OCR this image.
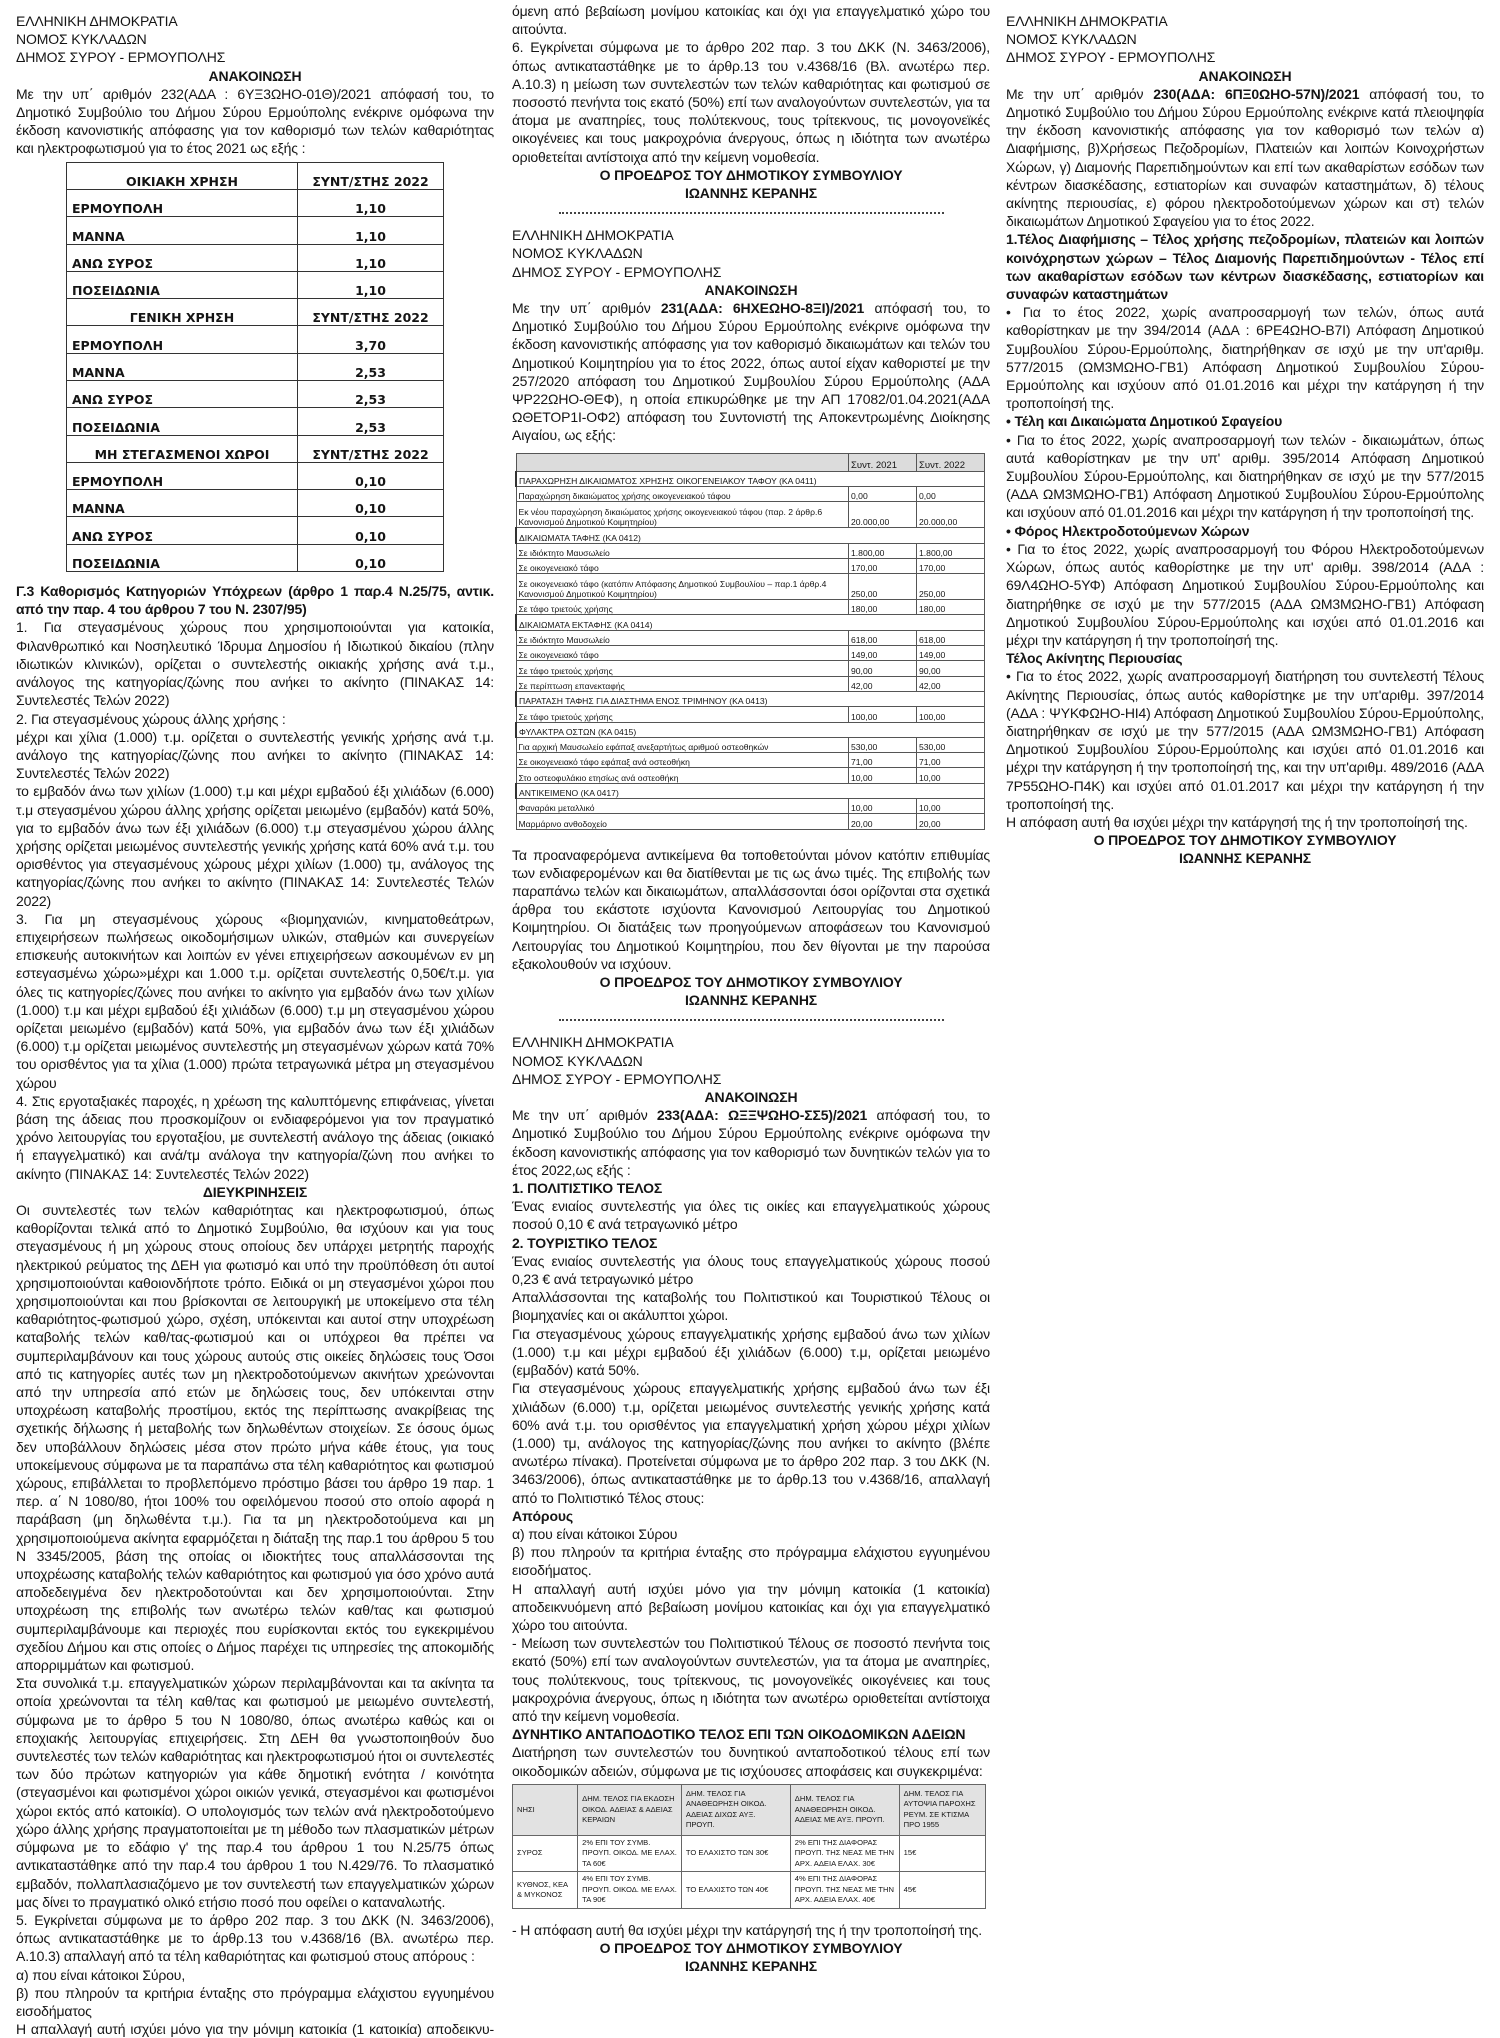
ΕΛΛΗΝΙΚΗ ΔΗΜΟΚΡΑΤΙΑ
ΝΟΜΟΣ ΚΥΚΛΑΔΩΝ
ΔΗΜΟΣ ΣΥΡΟΥ - ΕΡΜΟΥΠΟΛΗΣ
ΑΝΑΚΟΙΝΩΣΗ

Με την υπ΄ αριθμόν 232(ΑΔΑ : 6ΥΞ3ΩΗΟ-01Θ)/2021 απόφασή του, το Δημοτικό Συμβούλιο του Δήμου Σύρου Ερμούπολης ενέκρινε ομόφωνα την έκδοση κανονιστικής απόφασης για τον καθορισμό των τελών καθαριότητας και ηλεκτροφωτισμού για το έτος 2021 ως εξής :

ΟΙΚΙΑΚΗ ΧΡΗΣΗ	ΣΥΝΤ/ΣΤΗΣ 2022
ΕΡΜΟΥΠΟΛΗ	1,10
ΜΑΝΝΑ	1,10
ΑΝΩ ΣΥΡΟΣ	1,10
ΠΟΣΕΙΔΩΝΙΑ	1,10
ΓΕΝΙΚΗ ΧΡΗΣΗ	ΣΥΝΤ/ΣΤΗΣ 2022
ΕΡΜΟΥΠΟΛΗ	3,70
ΜΑΝΝΑ	2,53
ΑΝΩ ΣΥΡΟΣ	2,53
ΠΟΣΕΙΔΩΝΙΑ	2,53
ΜΗ ΣΤΕΓΑΣΜΕΝΟΙ ΧΩΡΟΙ	ΣΥΝΤ/ΣΤΗΣ 2022
ΕΡΜΟΥΠΟΛΗ	0,10
ΜΑΝΝΑ	0,10
ΑΝΩ ΣΥΡΟΣ	0,10
ΠΟΣΕΙΔΩΝΙΑ	0,10

Γ.3 Καθορισμός Κατηγοριών Υπόχρεων (άρθρο 1 παρ.4 Ν.25/75, αντικ. από την παρ. 4 του άρθρου 7 του Ν. 2307/95)

1. Για στεγασμένους χώρους που χρησιμοποιούνται για κατοικία, Φιλανθρωπικό και Νοσηλευτικό Ίδρυμα Δημοσίου ή Ιδιωτικού δικαίου (πλην ιδιωτικών κλινικών), ορίζεται ο συντελεστής οικιακής χρήσης ανά τ.μ., ανάλογος της κατηγορίας/ζώνης που ανήκει το ακίνητο (ΠΙΝΑΚΑΣ 14: Συντελεστές Τελών 2022)

2. Για στεγασμένους χώρους άλλης χρήσης :

μέχρι και χίλια (1.000) τ.μ. ορίζεται ο συντελεστής γενικής χρήσης ανά τ.μ. ανάλογο της κατηγορίας/ζώνης που ανήκει το ακίνητο (ΠΙΝΑΚΑΣ 14: Συντελεστές Τελών 2022)

το εμβαδόν άνω των χιλίων (1.000) τ.μ και μέχρι εμβαδού έξι χιλιάδων (6.000) τ.μ στεγασμένου χώρου άλλης χρήσης ορίζεται μειωμένο (εμβαδόν) κατά 50%, για το εμβαδόν άνω των έξι χιλιάδων (6.000) τ.μ στεγασμένου χώρου άλλης χρήσης ορίζεται μειωμένος συντελεστής γενικής χρήσης κατά 60% ανά τ.μ. του ορισθέντος για στεγασμένους χώρους μέχρι χιλίων (1.000) τμ, ανάλογος της κατηγορίας/ζώνης που ανήκει το ακίνητο (ΠΙΝΑΚΑΣ 14: Συντελεστές Τελών 2022)

3. Για μη στεγασμένους χώρους «βιομηχανιών, κινηματοθεάτρων, επιχειρήσεων πωλήσεως οικοδομήσιμων υλικών, σταθμών και συνεργείων επισκευής αυτοκινήτων και λοιπών εν γένει επιχειρήσεων ασκουμένων εν μη εστεγασμένω χώρω»μέχρι και 1.000 τ.μ. ορίζεται συντελεστής 0,50€/τ.μ. για όλες τις κατηγορίες/ζώνες που ανήκει το ακίνητο για εμβαδόν άνω των χιλίων (1.000) τ.μ και μέχρι εμβαδού έξι χιλιάδων (6.000) τ.μ μη στεγασμένου χώρου ορίζεται μειωμένο (εμβαδόν) κατά 50%, για εμβαδόν άνω των έξι χιλιάδων (6.000) τ.μ ορίζεται μειωμένος συντελεστής μη στεγασμένων χώρων κατά 70% του ορισθέντος για τα χίλια (1.000) πρώτα τετραγωνικά μέτρα μη στεγασμένου χώρου

4. Στις εργοταξιακές παροχές, η χρέωση της καλυπτόμενης επιφάνειας, γίνεται βάση της άδειας που προσκομίζουν οι ενδιαφερόμενοι για τον πραγματικό χρόνο λειτουργίας του εργοταξίου, με συντελεστή ανάλογο της άδειας (οικιακό ή επαγγελματικό) και ανά/τμ ανάλογα την κατηγορία/ζώνη που ανήκει το ακίνητο (ΠΙΝΑΚΑΣ 14: Συντελεστές Τελών 2022)

ΔΙΕΥΚΡΙΝΗΣΕΙΣ

Οι συντελεστές των τελών καθαριότητας και ηλεκτροφωτισμού, όπως καθορίζονται τελικά από το Δημοτικό Συμβούλιο, θα ισχύουν και για τους στεγασμένους ή μη χώρους στους οποίους δεν υπάρχει μετρητής παροχής ηλεκτρικού ρεύματος της ΔΕΗ για φωτισμό και υπό την προϋπόθεση ότι αυτοί χρησιμοποιούνται καθοιονδήποτε τρόπο. Ειδικά οι μη στεγασμένοι χώροι που χρησιμοποιούνται και που βρίσκονται σε λειτουργική με υποκείμενο στα τέλη καθαριότητος-φωτισμού χώρο, σχέση, υπόκεινται και αυτοί στην υποχρέωση καταβολής τελών καθ/τας-φωτισμού και οι υπόχρεοι θα πρέπει να συμπεριλαμβάνουν και τους χώρους αυτούς στις οικείες δηλώσεις τους Όσοι από τις κατηγορίες αυτές των μη ηλεκτροδοτούμενων ακινήτων χρεώνονται από την υπηρεσία από ετών με δηλώσεις τους, δεν υπόκεινται στην υποχρέωση καταβολής προστίμου, εκτός της περίπτωσης ανακρίβειας της σχετικής δήλωσης ή μεταβολής των δηλωθέντων στοιχείων. Σε όσους όμως δεν υποβάλλουν δηλώσεις μέσα στον πρώτο μήνα κάθε έτους, για τους υποκείμενους σύμφωνα με τα παραπάνω στα τέλη καθαριότητος και φωτισμού χώρους, επιβάλλεται το προβλεπόμενο πρόστιμο βάσει του άρθρο 19 παρ. 1 περ. α΄ Ν 1080/80, ήτοι 100% του οφειλόμενου ποσού στο οποίο αφορά η παράβαση (μη δηλωθέντα τ.μ.). Για τα μη ηλεκτροδοτούμενα και μη χρησιμοποιούμενα ακίνητα εφαρμόζεται η διάταξη της παρ.1 του άρθρου 5 του Ν 3345/2005, βάση της οποίας οι ιδιοκτήτες τους απαλλάσσονται της υποχρέωσης καταβολής τελών καθαριότητος και φωτισμού για όσο χρόνο αυτά αποδεδειγμένα δεν ηλεκτροδοτούνται και δεν χρησιμοποιούνται. Στην υποχρέωση της επιβολής των ανωτέρω τελών καθ/τας και φωτισμού συμπεριλαμβάνουμε και περιοχές που ευρίσκονται εκτός του εγκεκριμένου σχεδίου Δήμου και στις οποίες ο Δήμος παρέχει τις υπηρεσίες της αποκομιδής απορριμμάτων και φωτισμού.

Στα συνολικά τ.μ. επαγγελματικών χώρων περιλαμβάνονται και τα ακίνητα τα οποία χρεώνονται τα τέλη καθ/τας και φωτισμού με μειωμένο συντελεστή, σύμφωνα με το άρθρο 5 του Ν 1080/80, όπως ανωτέρω καθώς και οι εποχιακής λειτουργίας επιχειρήσεις. Στη ΔΕΗ θα γνωστοποιηθούν δυο συντελεστές των τελών καθαριότητας και ηλεκτροφωτισμού ήτοι οι συντελεστές των δύο πρώτων κατηγοριών για κάθε δημοτική ενότητα / κοινότητα (στεγασμένοι και φωτισμένοι χώροι οικιών γενικά, στεγασμένοι και φωτισμένοι χώροι εκτός από κατοικία). Ο υπολογισμός των τελών ανά ηλεκτροδοτούμενο χώρο άλλης χρήσης πραγματοποιείται με τη μέθοδο των πλασματικών μέτρων σύμφωνα με το εδάφιο γ' της παρ.4 του άρθρου 1 του Ν.25/75 όπως αντικαταστάθηκε από την παρ.4 του άρθρου 1 του Ν.429/76. Το πλασματικό εμβαδόν, πολλαπλασιαζόμενο με τον συντελεστή των επαγγελματικών χώρων μας δίνει το πραγματικό ολικό ετήσιο ποσό που οφείλει ο καταναλωτής.

5. Εγκρίνεται σύμφωνα με το άρθρο 202 παρ. 3 του ΔΚΚ (Ν. 3463/2006), όπως αντικαταστάθηκε με το άρθρ.13 του ν.4368/16 (Βλ. ανωτέρω περ. Α.10.3) απαλλαγή από τα τέλη καθαριότητας και φωτισμού στους απόρους :

α) που είναι κάτοικοι Σύρου,

β) που πληρούν τα κριτήρια ένταξης στο πρόγραμμα ελάχιστου εγγυημένου εισοδήματος

Η απαλλαγή αυτή ισχύει μόνο για την μόνιμη κατοικία (1 κατοικία) αποδεικνυ-

όμενη από βεβαίωση μονίμου κατοικίας και όχι για επαγγελματικό χώρο του αιτούντα.

6. Εγκρίνεται σύμφωνα με το άρθρο 202 παρ. 3 του ΔΚΚ (Ν. 3463/2006), όπως αντικαταστάθηκε με το άρθρ.13 του ν.4368/16 (Βλ. ανωτέρω περ. Α.10.3) η μείωση των συντελεστών των τελών καθαριότητας και φωτισμού σε ποσοστό πενήντα τοις εκατό (50%) επί των αναλογούντων συντελεστών, για τα άτομα με αναπηρίες, τους πολύτεκνους, τους τρίτεκνους, τις μονογονεϊκές οικογένειες και τους μακροχρόνια άνεργους, όπως η ιδιότητα των ανωτέρω οριοθετείται αντίστοιχα από την κείμενη νομοθεσία.

Ο ΠΡΟΕΔΡΟΣ ΤΟΥ ΔΗΜΟΤΙΚΟΥ ΣΥΜΒΟΥΛΙΟΥ

ΙΩΑΝΝΗΣ ΚΕΡΑΝΗΣ

ΕΛΛΗΝΙΚΗ ΔΗΜΟΚΡΑΤΙΑ
ΝΟΜΟΣ ΚΥΚΛΑΔΩΝ
ΔΗΜΟΣ ΣΥΡΟΥ - ΕΡΜΟΥΠΟΛΗΣ
ΑΝΑΚΟΙΝΩΣΗ

Με την υπ΄ αριθμόν 231(ΑΔΑ: 6ΗΧΕΩΗΟ-8ΞΙ)/2021 απόφασή του, το Δημοτικό Συμβούλιο του Δήμου Σύρου Ερμούπολης ενέκρινε ομόφωνα την έκδοση κανονιστικής απόφασης για τον καθορισμό δικαιωμάτων και τελών του Δημοτικού Κοιμητηρίου για το έτος 2022, όπως αυτοί είχαν καθοριστεί με την 257/2020 απόφαση του Δημοτικού Συμβουλίου Σύρου Ερμούπολης (ΑΔΑ ΨΡ22ΩΗΟ-ΘΕΦ), η οποία επικυρώθηκε με την ΑΠ 17082/01.04.2021(ΑΔΑ ΩΘΕΤΟΡ1Ι-ΟΦ2) απόφαση του Συντονιστή της Αποκεντρωμένης Διοίκησης Αιγαίου, ως εξής:

	Συντ. 2021	Συντ. 2022
ΠΑΡΑΧΩΡΗΣΗ ΔΙΚΑΙΩΜΑΤΟΣ ΧΡΗΣΗΣ ΟΙΚΟΓΕΝΕΙΑΚΟΥ ΤΑΦΟΥ (ΚΑ 0411)		
Παραχώρηση δικαιώματος χρήσης οικογενειακού τάφου	0,00	0,00
Εκ νέου παραχώρηση δικαιώματος χρήσης οικογενειακού τάφου (παρ. 2 άρθρ.6 Κανονισμού Δημοτικού Κοιμητηρίου)	20.000,00	20.000,00
ΔΙΚΑΙΩΜΑΤΑ ΤΑΦΗΣ (ΚΑ 0412)		
Σε ιδιόκτητο Μαυσωλείο	1.800,00	1.800,00
Σε οικογενειακό τάφο	170,00	170,00
Σε οικογενειακό τάφο (κατόπιν Απόφασης Δημοτικού Συμβουλίου – παρ.1 άρθρ.4 Κανονισμού Δημοτικού Κοιμητηρίου)	250,00	250,00
Σε τάφο τριετούς χρήσης	180,00	180,00
ΔΙΚΑΙΩΜΑΤΑ ΕΚΤΑΦΗΣ (ΚΑ 0414)		
Σε ιδιόκτητο Μαυσωλείο	618,00	618,00
Σε οικογενειακό τάφο	149,00	149,00
Σε τάφο τριετούς χρήσης	90,00	90,00
Σε περίπτωση επανεκταφής	42,00	42,00
ΠΑΡΑΤΑΣΗ ΤΑΦΗΣ ΓΙΑ ΔΙΑΣΤΗΜΑ ΕΝΟΣ ΤΡΙΜΗΝΟΥ (ΚΑ 0413)		
Σε τάφο τριετούς χρήσης	100,00	100,00
ΦΥΛΑΚΤΡΑ ΟΣΤΩΝ (ΚΑ 0415)		
Για αρχική Μαυσωλείο εφάπαξ ανεξαρτήτως αριθμού οστεοθηκών	530,00	530,00
Σε οικογενειακό τάφο εφάπαξ ανά οστεοθήκη	71,00	71,00
Στο οστεοφυλάκιο ετησίως ανά οστεοθήκη	10,00	10,00
ΑΝΤΙΚΕΙΜΕΝΟ (ΚΑ 0417)		
Φαναράκι μεταλλικό	10,00	10,00
Μαρμάρινο ανθοδοχείο	20,00	20,00

Τα προαναφερόμενα αντικείμενα θα τοποθετούνται μόνον κατόπιν επιθυμίας των ενδιαφερομένων και θα διατίθενται με τις ως άνω τιμές. Της επιβολής των παραπάνω τελών και δικαιωμάτων, απαλλάσσονται όσοι ορίζονται στα σχετικά άρθρα του εκάστοτε ισχύοντα Κανονισμού Λειτουργίας του Δημοτικού Κοιμητηρίου. Οι διατάξεις των προηγούμενων αποφάσεων του Κανονισμού Λειτουργίας του Δημοτικού Κοιμητηρίου, που δεν θίγονται με την παρούσα εξακολουθούν να ισχύουν.

Ο ΠΡΟΕΔΡΟΣ ΤΟΥ ΔΗΜΟΤΙΚΟΥ ΣΥΜΒΟΥΛΙΟΥ

ΙΩΑΝΝΗΣ ΚΕΡΑΝΗΣ

ΕΛΛΗΝΙΚΗ ΔΗΜΟΚΡΑΤΙΑ
ΝΟΜΟΣ ΚΥΚΛΑΔΩΝ
ΔΗΜΟΣ ΣΥΡΟΥ - ΕΡΜΟΥΠΟΛΗΣ
ΑΝΑΚΟΙΝΩΣΗ

Με την υπ΄ αριθμόν 233(ΑΔΑ: ΩΞΞΨΩΗΟ-ΣΣ5)/2021 απόφασή του, το Δημοτικό Συμβούλιο του Δήμου Σύρου Ερμούπολης ενέκρινε ομόφωνα την έκδοση κανονιστικής απόφασης για τον καθορισμό των δυνητικών τελών για το έτος 2022,ως εξής :

1. ΠΟΛΙΤΙΣΤΙΚΟ ΤΕΛΟΣ

Ένας ενιαίος συντελεστής για όλες τις οικίες και επαγγελματικούς χώρους ποσού 0,10 € ανά τετραγωνικό μέτρο

2. ΤΟΥΡΙΣΤΙΚΟ ΤΕΛΟΣ

Ένας ενιαίος συντελεστής για όλους τους επαγγελματικούς χώρους ποσού 0,23 € ανά τετραγωνικό μέτρο

Απαλλάσσονται της καταβολής του Πολιτιστικού και Τουριστικού Τέλους οι βιομηχανίες και οι ακάλυπτοι χώροι.

Για στεγασμένους χώρους επαγγελματικής χρήσης εμβαδού άνω των χιλίων (1.000) τ.μ και μέχρι εμβαδού έξι χιλιάδων (6.000) τ.μ, ορίζεται μειωμένο (εμβαδόν) κατά 50%.

Για στεγασμένους χώρους επαγγελματικής χρήσης εμβαδού άνω των έξι χιλιάδων (6.000) τ.μ, ορίζεται μειωμένος συντελεστής γενικής χρήσης κατά 60% ανά τ.μ. του ορισθέντος για επαγγελματική χρήση χώρου μέχρι χιλίων (1.000) τμ, ανάλογος της κατηγορίας/ζώνης που ανήκει το ακίνητο (βλέπε ανωτέρω πίνακα). Προτείνεται σύμφωνα με το άρθρο 202 παρ. 3 του ΔΚΚ (Ν. 3463/2006), όπως αντικαταστάθηκε με το άρθρ.13 του ν.4368/16, απαλλαγή από το Πολιτιστικό Τέλος στους:

Απόρους

α) που είναι κάτοικοι Σύρου

β) που πληρούν τα κριτήρια ένταξης στο πρόγραμμα ελάχιστου εγγυημένου εισοδήματος.

Η απαλλαγή αυτή ισχύει μόνο για την μόνιμη κατοικία (1 κατοικία) αποδεικνυόμενη από βεβαίωση μονίμου κατοικίας και όχι για επαγγελματικό χώρο του αιτούντα.

- Μείωση των συντελεστών του Πολιτιστικού Τέλους σε ποσοστό πενήντα τοις εκατό (50%) επί των αναλογούντων συντελεστών, για τα άτομα με αναπηρίες, τους πολύτεκνους, τους τρίτεκνους, τις μονογονεϊκές οικογένειες και τους μακροχρόνια άνεργους, όπως η ιδιότητα των ανωτέρω οριοθετείται αντίστοιχα από την κείμενη νομοθεσία.

ΔΥΝΗΤΙΚΟ ΑΝΤΑΠΟΔΟΤΙΚΟ ΤΕΛΟΣ ΕΠΙ ΤΩΝ ΟΙΚΟΔΟΜΙΚΩΝ ΑΔΕΙΩΝ

Διατήρηση των συντελεστών του δυνητικού ανταποδοτικού τέλους επί των οικοδομικών αδειών, σύμφωνα με τις ισχύουσες αποφάσεις και συγκεκριμένα:

ΝΗΣΙ	ΔΗΜ. ΤΕΛΟΣ ΓΙΑ ΕΚΔΟΣΗ ΟΙΚΟΔ. ΑΔΕΙΑΣ & ΑΔΕΙΑΣ ΚΕΡΑΙΩΝ	ΔΗΜ. ΤΕΛΟΣ ΓΙΑ ΑΝΑΘΕΩΡΗΣΗ ΟΙΚΟΔ. ΑΔΕΙΑΣ ΔΙΧΩΣ ΑΥΞ. ΠΡΟΥΠ.	ΔΗΜ. ΤΕΛΟΣ ΓΙΑ ΑΝΑΘΕΩΡΗΣΗ ΟΙΚΟΔ. ΑΔΕΙΑΣ ΜΕ ΑΥΞ. ΠΡΟΥΠ.	ΔΗΜ. ΤΕΛΟΣ ΓΙΑ ΑΥΤΟΨΙΑ ΠΑΡΟΧΗΣ ΡΕΥΜ. ΣΕ ΚΤΙΣΜΑ ΠΡΟ 1955
ΣΥΡΟΣ	2% ΕΠΙ ΤΟΥ ΣΥΜΒ. ΠΡΟΥΠ. ΟΙΚΟΔ. ΜΕ ΕΛΑΧ. ΤΑ 60€	ΤΟ ΕΛΑΧΙΣΤΟ ΤΩΝ 30€	2% ΕΠΙ ΤΗΣ ΔΙΑΦΟΡΑΣ ΠΡΟΥΠ. ΤΗΣ ΝΕΑΣ ΜΕ ΤΗΝ ΑΡΧ. ΑΔΕΙΑ ΕΛΑΧ. 30€	15€
ΚΥΘΝΟΣ, ΚΕΑ & ΜΥΚΟΝΟΣ	4% ΕΠΙ ΤΟΥ ΣΥΜΒ. ΠΡΟΥΠ. ΟΙΚΟΔ. ΜΕ ΕΛΑΧ. ΤΑ 90€	ΤΟ ΕΛΑΧΙΣΤΟ ΤΩΝ 40€	4% ΕΠΙ ΤΗΣ ΔΙΑΦΟΡΑΣ ΠΡΟΥΠ. ΤΗΣ ΝΕΑΣ ΜΕ ΤΗΝ ΑΡΧ. ΑΔΕΙΑ ΕΛΑΧ. 40€	45€

- Η απόφαση αυτή θα ισχύει μέχρι την κατάργησή της ή την τροποποίησή της.

Ο ΠΡΟΕΔΡΟΣ ΤΟΥ ΔΗΜΟΤΙΚΟΥ ΣΥΜΒΟΥΛΙΟΥ

ΙΩΑΝΝΗΣ ΚΕΡΑΝΗΣ

ΕΛΛΗΝΙΚΗ ΔΗΜΟΚΡΑΤΙΑ
ΝΟΜΟΣ ΚΥΚΛΑΔΩΝ
ΔΗΜΟΣ ΣΥΡΟΥ - ΕΡΜΟΥΠΟΛΗΣ
ΑΝΑΚΟΙΝΩΣΗ

Με την υπ΄ αριθμόν 230(ΑΔΑ: 6ΠΞ0ΩΗΟ-57Ν)/2021 απόφασή του, το Δημοτικό Συμβούλιο του Δήμου Σύρου Ερμούπολης ενέκρινε κατά πλειοψηφία την έκδοση κανονιστικής απόφασης για τον καθορισμό των τελών α) Διαφήμισης, β)Χρήσεως Πεζοδρομίων, Πλατειών και λοιπών Κοινοχρήστων Χώρων, γ) Διαμονής Παρεπιδημούντων και επί των ακαθαρίστων εσόδων των κέντρων διασκέδασης, εστιατορίων και συναφών καταστημάτων, δ) τέλους ακίνητης περιουσίας, ε) φόρου ηλεκτροδοτούμενων χώρων και στ) τελών δικαιωμάτων Δημοτικού Σφαγείου για το έτος 2022.

1.Τέλος Διαφήμισης – Τέλος χρήσης πεζοδρομίων, πλατειών και λοιπών κοινόχρηστων χώρων – Τέλος Διαμονής Παρεπιδημούντων - Τέλος επί των ακαθαρίστων εσόδων των κέντρων διασκέδασης, εστιατορίων και συναφών καταστημάτων

• Για το έτος 2022, χωρίς αναπροσαρμογή των τελών, όπως αυτά καθορίστηκαν με την 394/2014 (ΑΔΑ : 6ΡΕ4ΩΗΟ-Β7Ι) Απόφαση Δημοτικού Συμβουλίου Σύρου-Ερμούπολης, διατηρήθηκαν σε ισχύ με την υπ'αριθμ. 577/2015 (ΩΜ3ΜΩΗΟ-ΓΒ1) Απόφαση Δημοτικού Συμβουλίου Σύρου-Ερμούπολης και ισχύουν από 01.01.2016 και μέχρι την κατάργηση ή την τροποποίησή της.

• Τέλη και Δικαιώματα Δημοτικού Σφαγείου

• Για το έτος 2022, χωρίς αναπροσαρμογή των τελών - δικαιωμάτων, όπως αυτά καθορίστηκαν με την υπ' αριθμ. 395/2014 Απόφαση Δημοτικού Συμβουλίου Σύρου-Ερμούπολης, και διατηρήθηκαν σε ισχύ με την 577/2015 (ΑΔΑ ΩΜ3ΜΩΗΟ-ΓΒ1) Απόφαση Δημοτικού Συμβουλίου Σύρου-Ερμούπολης και ισχύουν από 01.01.2016 και μέχρι την κατάργηση ή την τροποποίησή της.

• Φόρος Ηλεκτροδοτούμενων Χώρων

• Για το έτος 2022, χωρίς αναπροσαρμογή του Φόρου Ηλεκτροδοτούμενων Χώρων, όπως αυτός καθορίστηκε με την υπ' αριθμ. 398/2014 (ΑΔΑ : 69Λ4ΩΗΟ-5ΥΦ) Απόφαση Δημοτικού Συμβουλίου Σύρου-Ερμούπολης και διατηρήθηκε σε ισχύ με την 577/2015 (ΑΔΑ ΩΜ3ΜΩΗΟ-ΓΒ1) Απόφαση Δημοτικού Συμβουλίου Σύρου-Ερμούπολης και ισχύει από 01.01.2016 και μέχρι την κατάργηση ή την τροποποίησή της.

Τέλος Ακίνητης Περιουσίας

• Για το έτος 2022, χωρίς αναπροσαρμογή διατήρηση του συντελεστή Τέλους Ακίνητης Περιουσίας, όπως αυτός καθορίστηκε με την υπ'αριθμ. 397/2014 (ΑΔΑ : ΨΥΚΦΩΗΟ-ΗΙ4) Απόφαση Δημοτικού Συμβουλίου Σύρου-Ερμούπολης, διατηρήθηκαν σε ισχύ με την 577/2015 (ΑΔΑ ΩΜ3ΜΩΗΟ-ΓΒ1) Απόφαση Δημοτικού Συμβουλίου Σύρου-Ερμούπολης και ισχύει από 01.01.2016 και μέχρι την κατάργηση ή την τροποποίησή της, και την υπ'αριθμ. 489/2016 (ΑΔΑ 7Ρ55ΩΗΟ-Π4Κ) και ισχύει από 01.01.2017 και μέχρι την κατάργηση ή την τροποποίησή της.

Η απόφαση αυτή θα ισχύει μέχρι την κατάργησή της ή την τροποποίησή της.

Ο ΠΡΟΕΔΡΟΣ ΤΟΥ ΔΗΜΟΤΙΚΟΥ ΣΥΜΒΟΥΛΙΟΥ

ΙΩΑΝΝΗΣ ΚΕΡΑΝΗΣ
